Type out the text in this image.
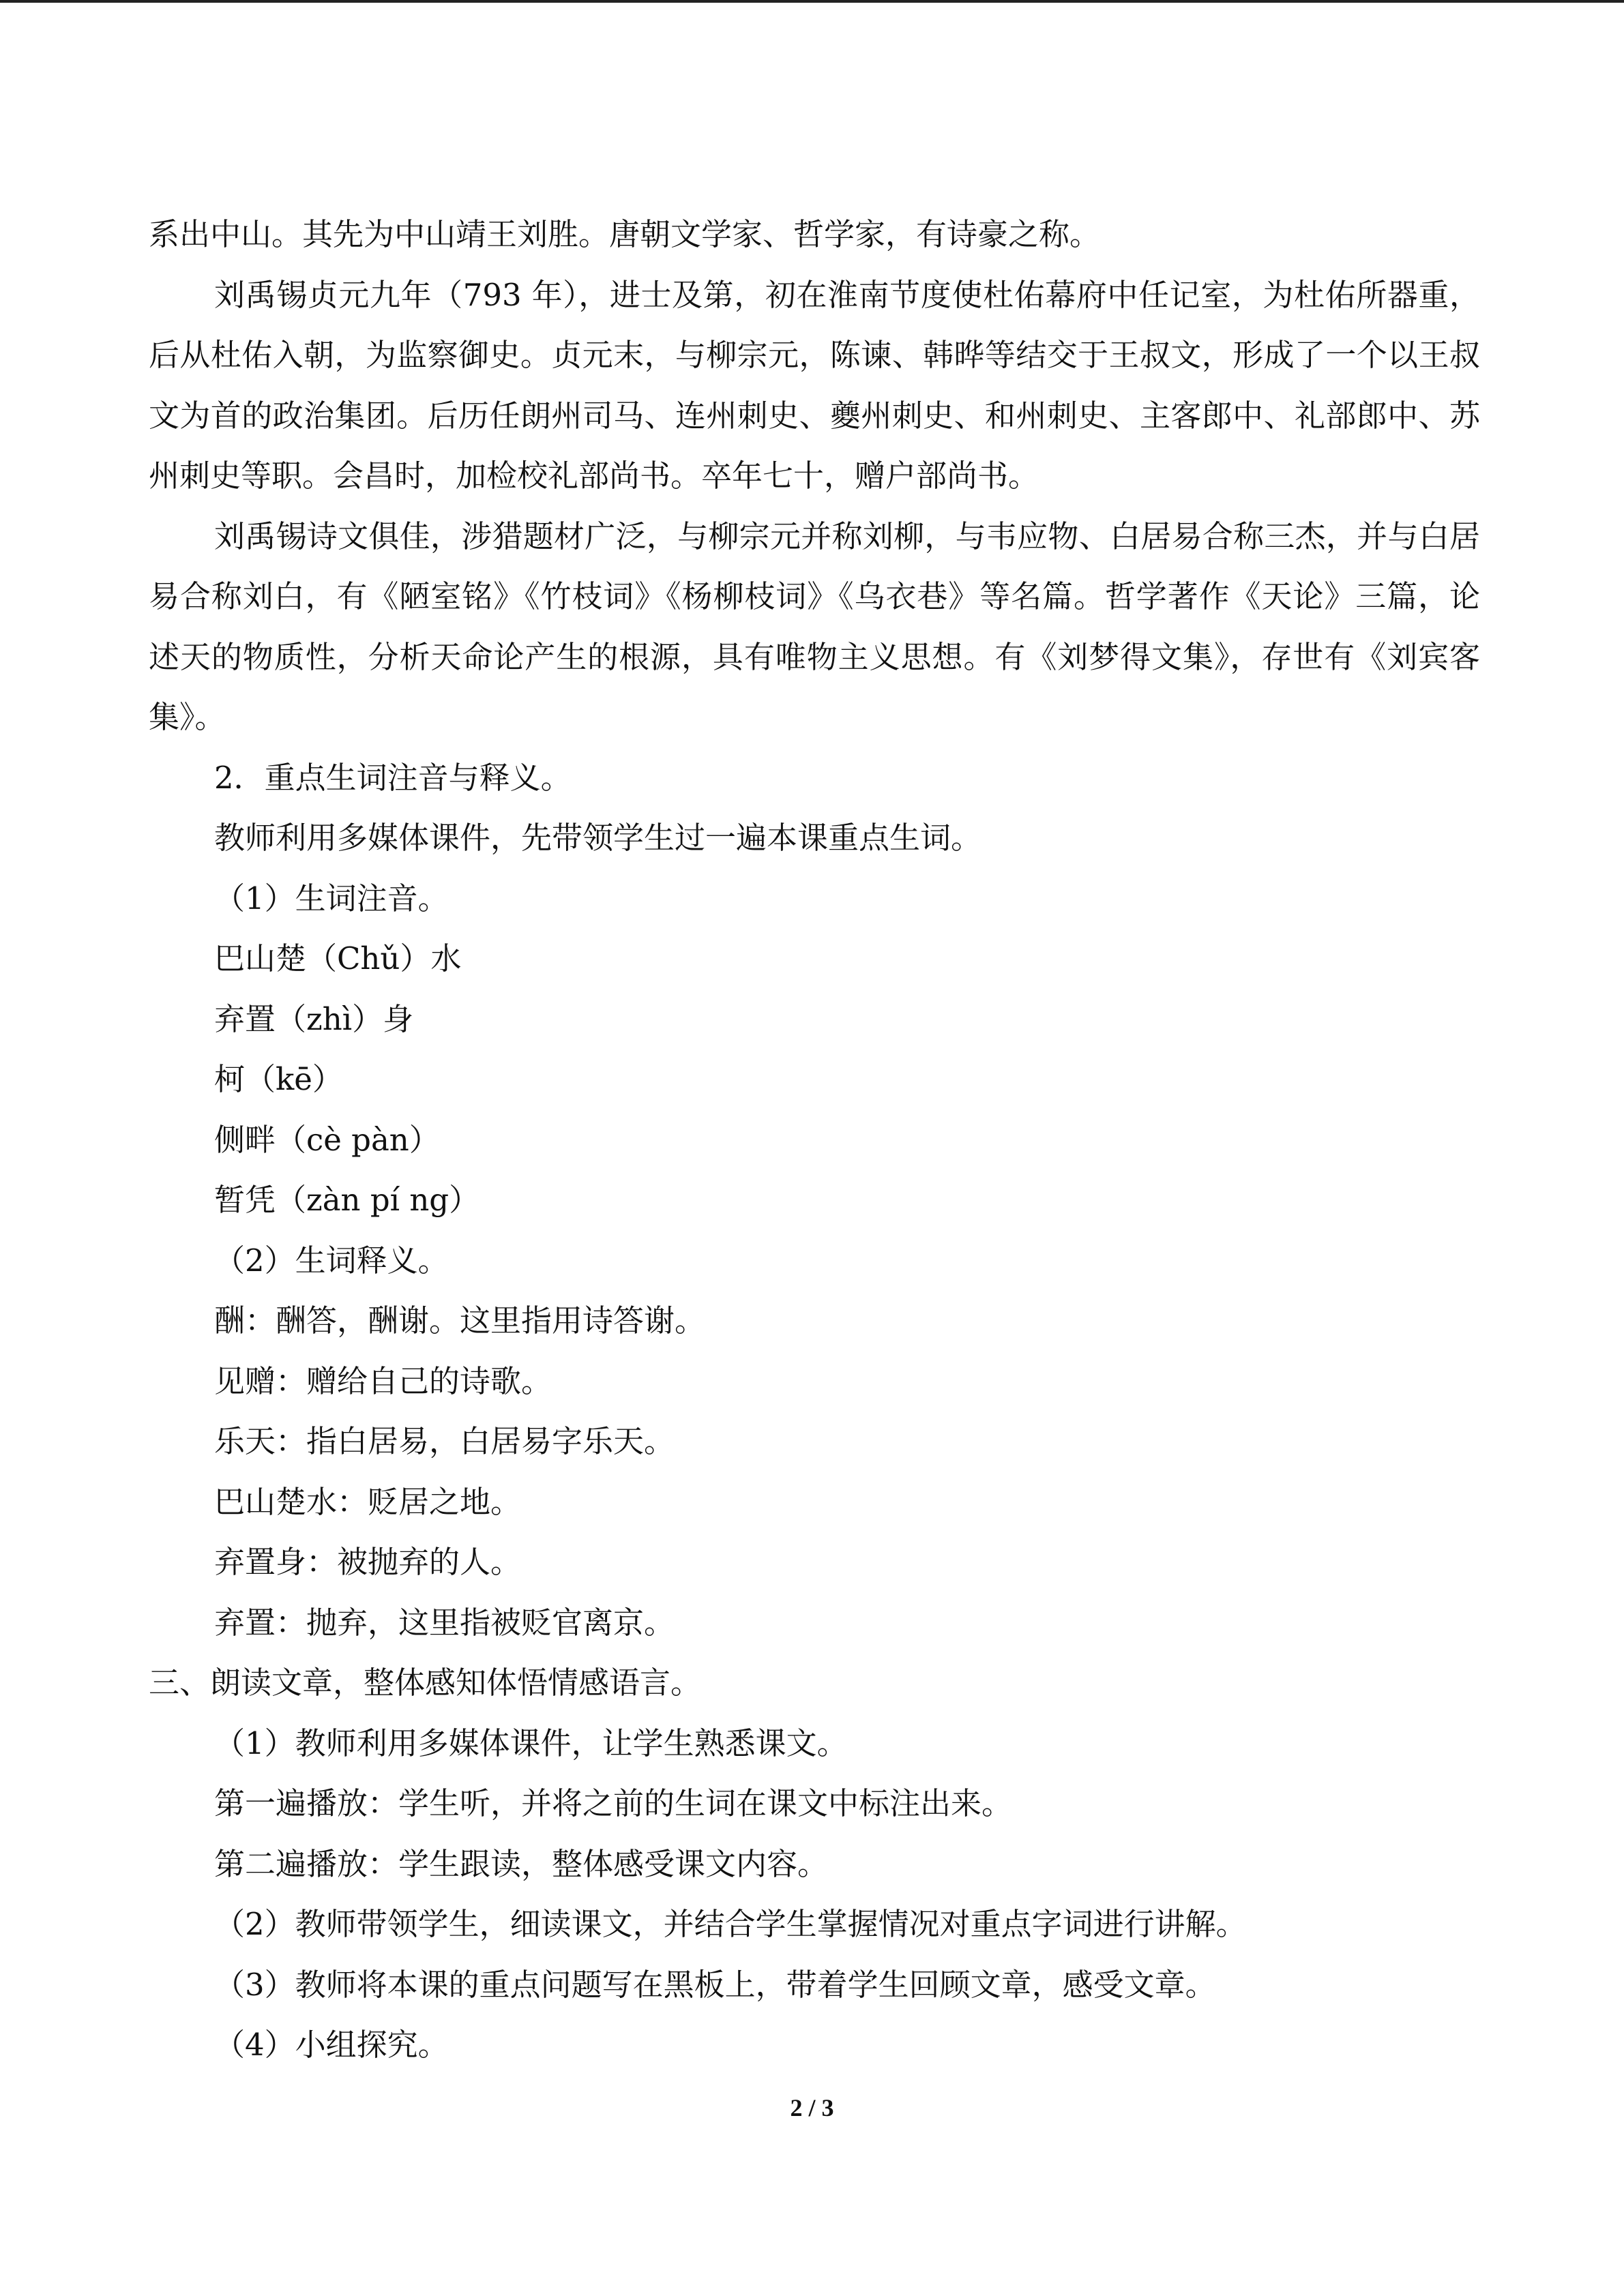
系出中山。其先为中山靖王刘胜。唐朝文学家、哲学家，有诗豪之称。

刘禹锡贞元九年（793 年），进士及第，初在淮南节度使杜佑幕府中任记室，为杜佑所器重，后从杜佑入朝，为监察御史。贞元末，与柳宗元，陈谏、韩晔等结交于王叔文，形成了一个以王叔文为首的政治集团。后历任朗州司马、连州刺史、夔州刺史、和州刺史、主客郎中、礼部郎中、苏州刺史等职。会昌时，加检校礼部尚书。卒年七十，赠户部尚书。

刘禹锡诗文俱佳，涉猎题材广泛，与柳宗元并称刘柳，与韦应物、白居易合称三杰，并与白居易合称刘白，有《陋室铭》《竹枝词》《杨柳枝词》《乌衣巷》等名篇。哲学著作《天论》三篇，论述天的物质性，分析天命论产生的根源，具有唯物主义思想。有《刘梦得文集》，存世有《刘宾客集》。

2．重点生词注音与释义。

教师利用多媒体课件，先带领学生过一遍本课重点生词。

（1）生词注音。

巴山楚（Chǔ）水

弃置（zhì）身

柯（kē）

侧畔（cè pàn）

暂凭（zàn pí ng）

（2）生词释义。

酬：酬答，酬谢。这里指用诗答谢。

见赠：赠给自己的诗歌。

乐天：指白居易，白居易字乐天。

巴山楚水：贬居之地。

弃置身：被抛弃的人。

弃置：抛弃，这里指被贬官离京。

三、朗读文章，整体感知体悟情感语言。

（1）教师利用多媒体课件，让学生熟悉课文。

第一遍播放：学生听，并将之前的生词在课文中标注出来。

第二遍播放：学生跟读，整体感受课文内容。

（2）教师带领学生，细读课文，并结合学生掌握情况对重点字词进行讲解。

（3）教师将本课的重点问题写在黑板上，带着学生回顾文章，感受文章。

（4）小组探究。

2 / 3
